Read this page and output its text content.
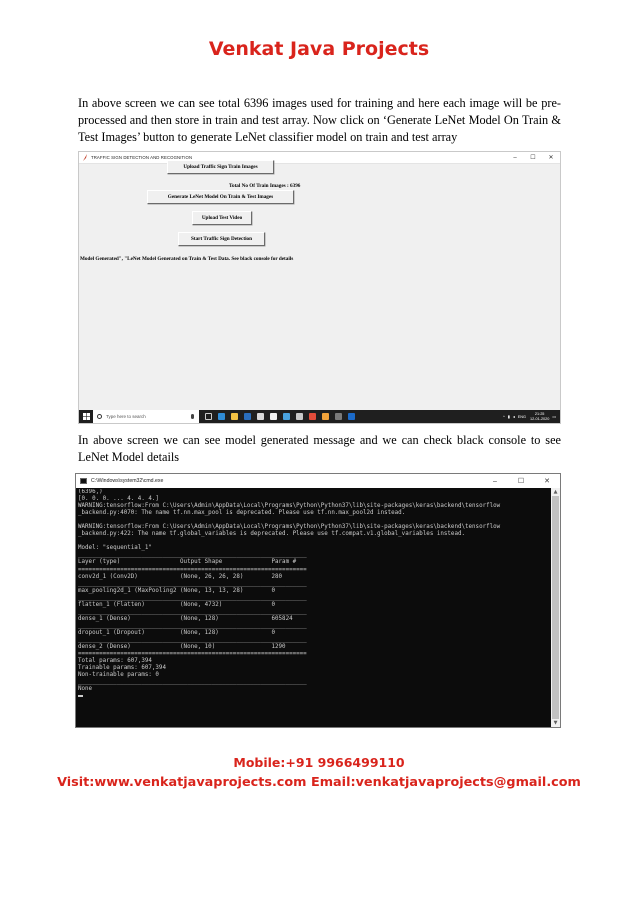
Venkat Java Projects

In above screen we can see total 6396 images used for training and here each image will be pre-processed and then store in train and test array. Now click on ‘Generate LeNet Model On Train & Test Images’ button to generate LeNet classifier model on train and test array

TRAFFIC SIGN DETECTION AND RECOGNITION	–	☐	✕
Upload Traffic Sign Train Images
Total No Of Train Images : 6396
Generate LeNet Model On Train & Test Images
Upload Test Video
Start Traffic Sign Detection
Model Generated", "LeNet Model Generated on Train & Test Data. See black console for details
Type here to search	^ ▮ ◂ ENG
21:25
12-01-2020 ▭

In above screen we can see model generated message and we can check black console to see LeNet Model details

C:\Windows\system32\cmd.exe	–	☐	✕
(6396,)
[0. 0. 0. ... 4. 4. 4.]
WARNING:tensorflow:From C:\Users\Admin\AppData\Local\Programs\Python\Python37\lib\site-packages\keras\backend\tensorflow
_backend.py:4070: The name tf.nn.max_pool is deprecated. Please use tf.nn.max_pool2d instead.

WARNING:tensorflow:From C:\Users\Admin\AppData\Local\Programs\Python\Python37\lib\site-packages\keras\backend\tensorflow
_backend.py:422: The name tf.global_variables is deprecated. Please use tf.compat.v1.global_variables instead.

Model: "sequential_1"
_________________________________________________________________
Layer (type)                 Output Shape              Param #
=================================================================
conv2d_1 (Conv2D)            (None, 26, 26, 28)        280
_________________________________________________________________
max_pooling2d_1 (MaxPooling2 (None, 13, 13, 28)        0
_________________________________________________________________
flatten_1 (Flatten)          (None, 4732)              0
_________________________________________________________________
dense_1 (Dense)              (None, 128)               605824
_________________________________________________________________
dropout_1 (Dropout)          (None, 128)               0
_________________________________________________________________
dense_2 (Dense)              (None, 10)                1290
=================================================================
Total params: 607,394
Trainable params: 607,394
Non-trainable params: 0
_________________________________________________________________
None
▲
▼
Mobile:+91 9966499110
Visit:www.venkatjavaprojects.com Email:venkatjavaprojects@gmail.com
